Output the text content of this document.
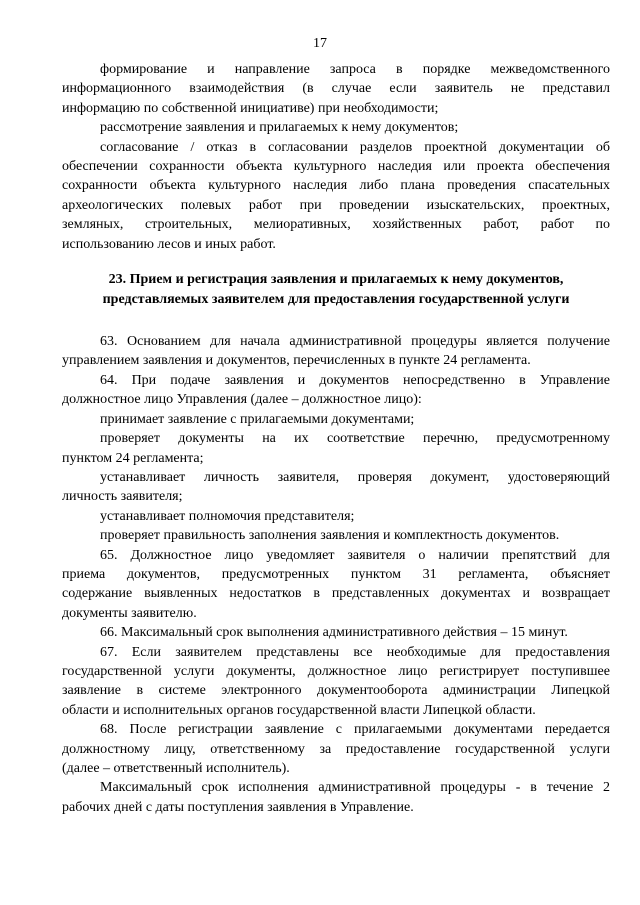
17

формирование и направление запроса в порядке межведомственного
информационного взаимодействия (в случае если заявитель не представил
информацию по собственной инициативе) при необходимости;

рассмотрение заявления и прилагаемых к нему документов;

согласование / отказ в согласовании разделов проектной документации об
обеспечении сохранности объекта культурного наследия или проекта обеспечения
сохранности объекта культурного наследия либо плана проведения спасательных
археологических полевых работ при проведении изыскательских, проектных,
земляных, строительных, мелиоративных, хозяйственных работ, работ по
использованию лесов и иных работ.

23. Прием и регистрация заявления и прилагаемых к нему документов,
представляемых заявителем для предоставления государственной услуги

63. Основанием для начала административной процедуры является получение
управлением заявления и документов, перечисленных в пункте 24 регламента.

64. При подаче заявления и документов непосредственно в Управление
должностное лицо Управления (далее – должностное лицо):

принимает заявление с прилагаемыми документами;

проверяет документы на их соответствие перечню, предусмотренному
пунктом 24 регламента;

устанавливает личность заявителя, проверяя документ, удостоверяющий
личность заявителя;

устанавливает полномочия представителя;

проверяет правильность заполнения заявления и комплектность документов.

65. Должностное лицо уведомляет заявителя о наличии препятствий для
приема документов, предусмотренных пунктом 31 регламента, объясняет
содержание выявленных недостатков в представленных документах и возвращает
документы заявителю.

66. Максимальный срок выполнения административного действия – 15 минут.

67. Если заявителем представлены все необходимые для предоставления
государственной услуги документы, должностное лицо регистрирует поступившее
заявление в системе электронного документооборота администрации Липецкой
области и исполнительных органов государственной власти Липецкой области.

68. После регистрации заявление с прилагаемыми документами передается
должностному лицу, ответственному за предоставление государственной услуги
(далее – ответственный исполнитель).

Максимальный срок исполнения административной процедуры - в течение 2
рабочих дней с даты поступления заявления в Управление.
